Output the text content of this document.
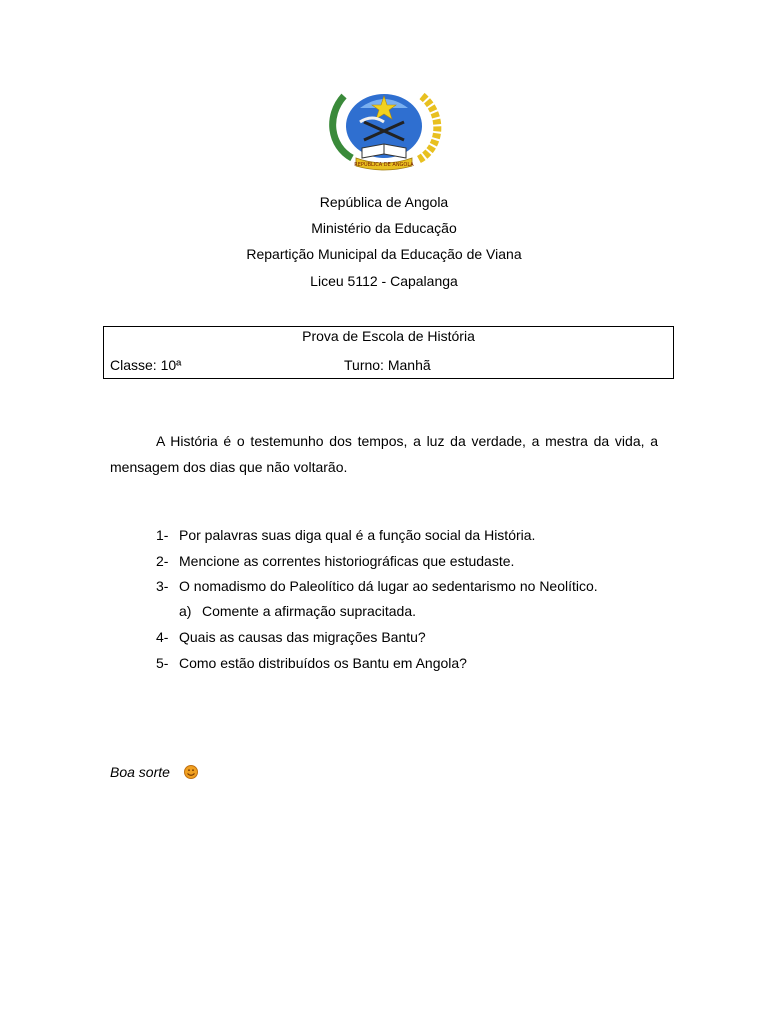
REPÚBLICA DE ANGOLA
República de Angola
Ministério da Educação
Repartição Municipal da Educação de Viana
Liceu 5112 - Capalanga
Prova de Escola de História
Classe: 10ª	Turno: Manhã

A História é o testemunho dos tempos, a luz da verdade, a mestra da vida, a mensagem dos dias que não voltarão.

1- Por palavras suas diga qual é a função social da História.
2- Mencione as correntes historiográficas que estudaste.
3- O nomadismo do Paleolítico dá lugar ao sedentarismo no Neolítico.
a) Comente a afirmação supracitada.
4- Quais as causas das migrações Bantu?
5- Como estão distribuídos os Bantu em Angola?
Boa sorte
